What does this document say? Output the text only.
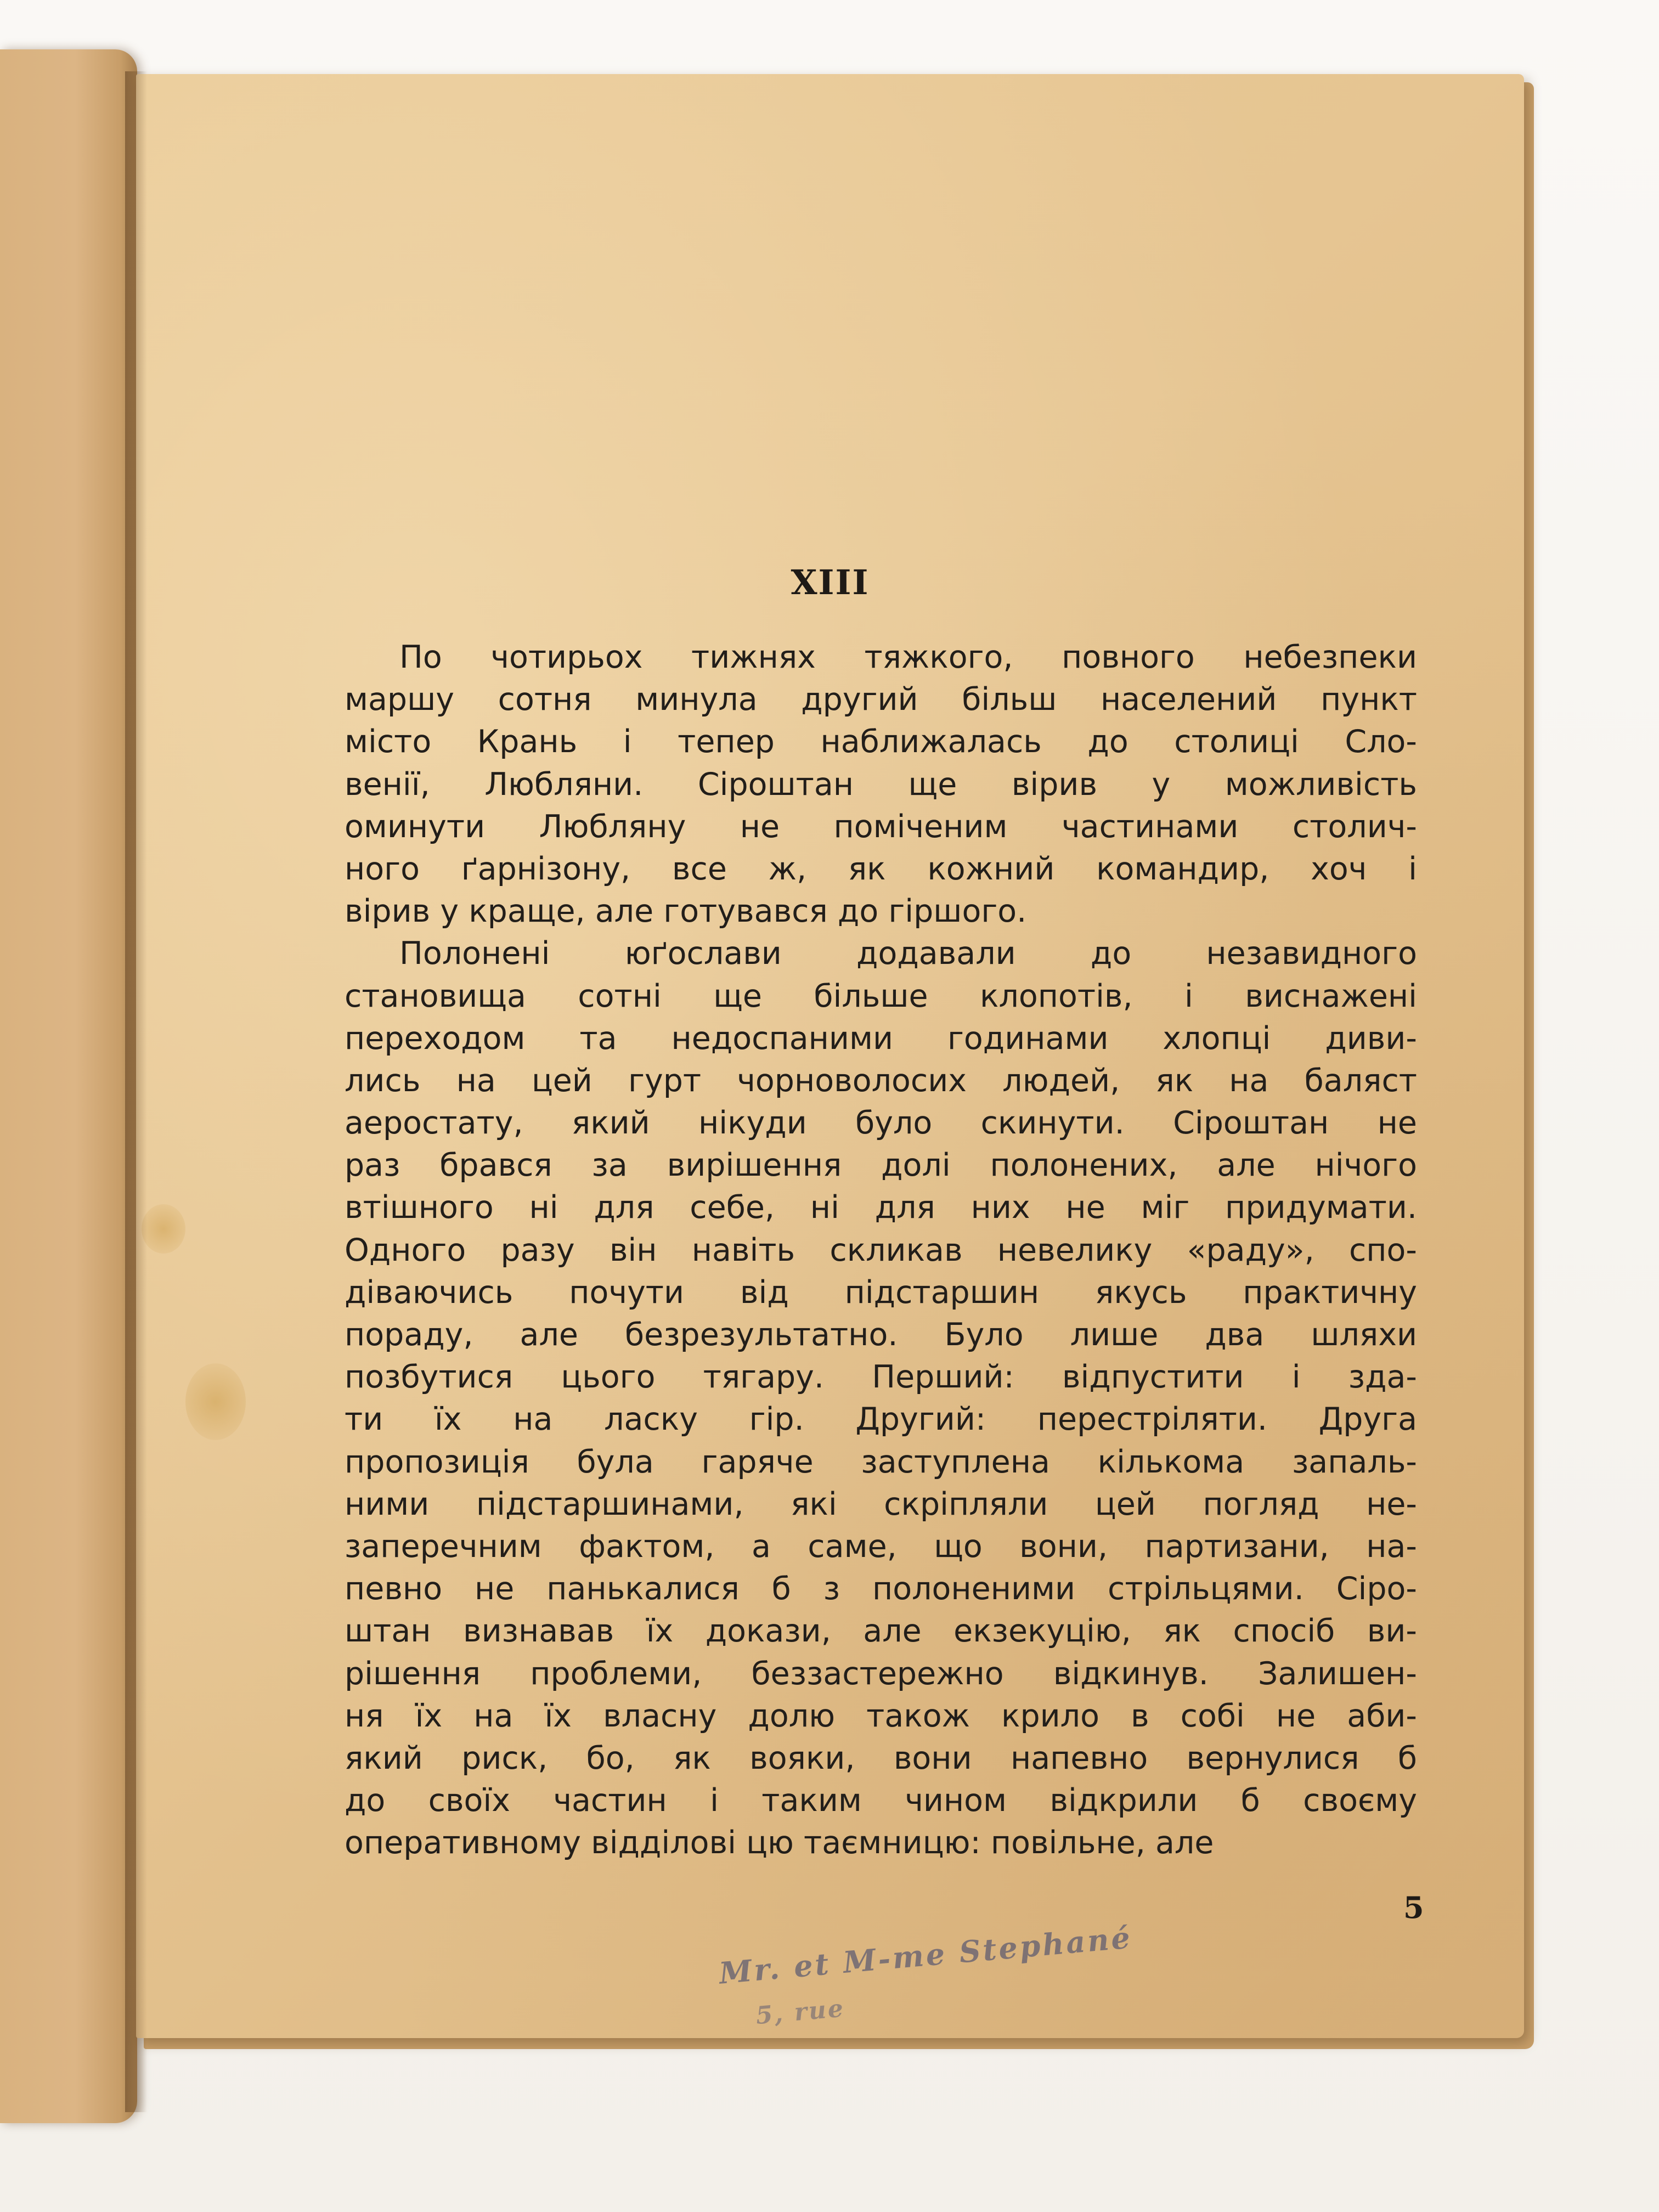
XIII
По чотирьох тижнях тяжкого, повного небезпеки
маршу сотня минула другий більш населений пункт
місто Крань і тепер наближалась до столиці Сло-
венії, Любляни. Сірoштан ще вірив у можливість
оминути Любляну не поміченим частинами столич-
ного ґарнізону, все ж, як кожний командир, хоч і
вірив у краще, але готувався до гіршого.
Полонені юґослави додавали до незавидного
становища сотні ще більше клопотів, і виснажені
переходом та недоспаними годинами хлопці диви-
лись на цей гурт чорноволосих людей, як на баляст
аеростату, який нікуди було скинути. Сірoштан не
раз брався за вирішення долі полонених, але нічого
втішного ні для себе, ні для них не міг придумати.
Одного разу він навіть скликав невелику «раду», спо-
діваючись почути від підстаршин якусь практичну
пораду, але безрезультатно. Було лише два шляхи
позбутися цього тягару. Перший: відпустити і зда-
ти їх на ласку гір. Другий: перестріляти. Друга
пропозиція була гаряче заступлена кількома запаль-
ними підстаршинами, які скріпляли цей погляд не-
заперечним фактом, а саме, що вони, партизани, на-
певно не панькалися б з полоненими стрільцями. Сіро-
штан визнавав їх докази, але екзекуцію, як спосіб ви-
рішення проблеми, беззастережно відкинув. Залишен-
ня їх на їх власну долю також крило в собі не аби-
який риск, бо, як вояки, вони напевно вернулися б
до своїх частин і таким чином відкрили б своєму
оперативному відділові цю таємницю: повільне, але
5
Mr. et M-me Stephané
5, rue
